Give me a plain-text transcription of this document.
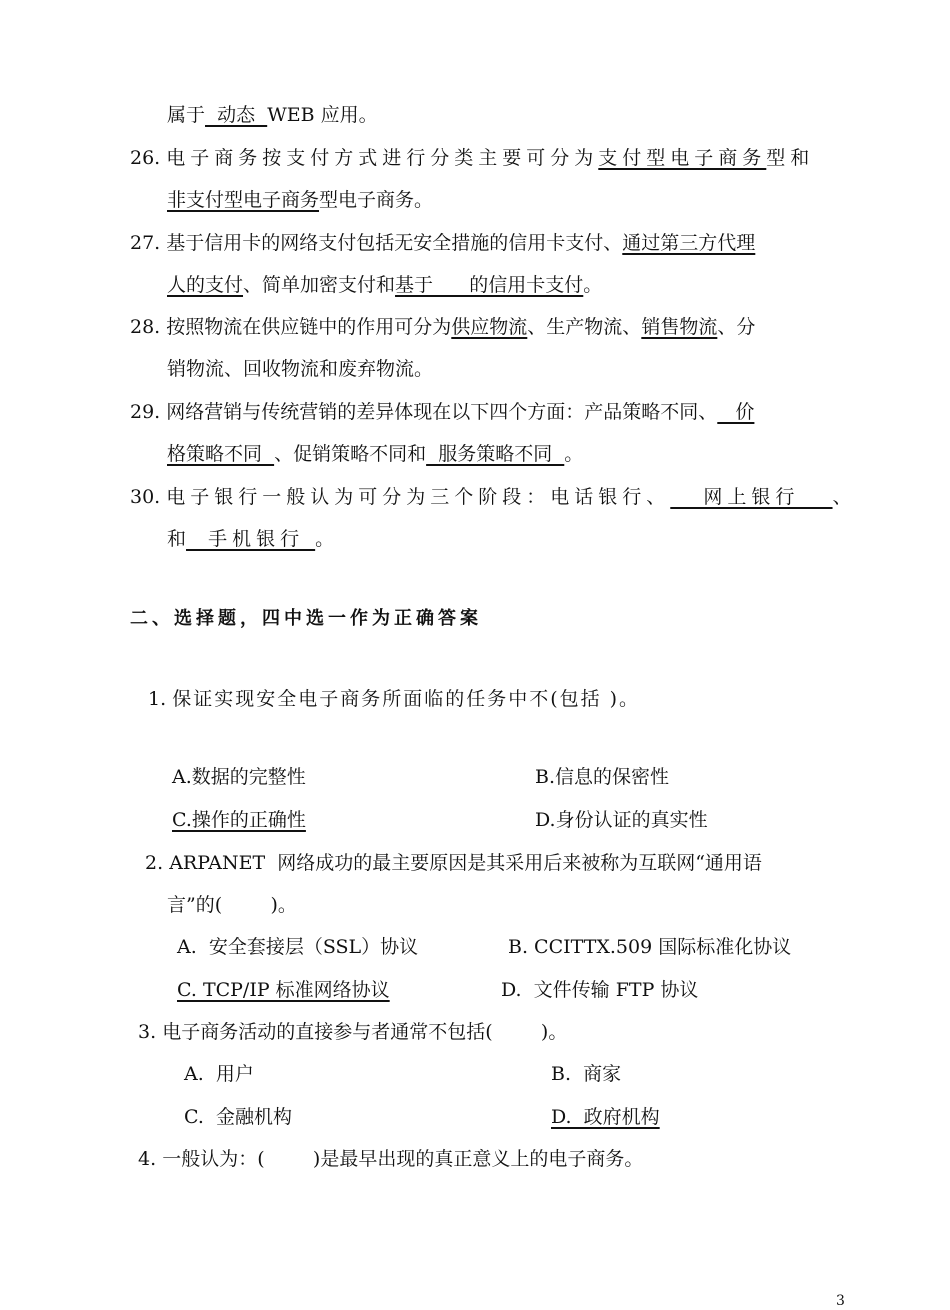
属于  动态  WEB 应用。
26. 电子商务按支付方式进行分类主要可分为支付型电子商务型和
非支付型电子商务型电子商务。
27. 基于信用卡的网络支付包括无安全措施的信用卡支付、通过第三方代理
人的支付、简单加密支付和基于      的信用卡支付。
28. 按照物流在供应链中的作用可分为供应物流、生产物流、销售物流、分
销物流、回收物流和废弃物流。
29. 网络营销与传统营销的差异体现在以下四个方面：产品策略不同、   价
格策略不同  、促销策略不同和  服务策略不同  。
30. 电子银行一般认为可分为三个阶段：电话银行、   网上银行   、
和  手机银行 。
二、选择题，四中选一作为正确答案
1. 保证实现安全电子商务所面临的任务中不(包括 )。
A.数据的完整性	B.信息的保密性
C.操作的正确性	D.身份认证的真实性
2. ARPANET  网络成功的最主要原因是其采用后来被称为互联网“通用语
言”的(        )。
A.  安全套接层（SSL）协议	B. CCITTX.509 国际标准化协议
C. TCP/IP 标准网络协议	D.  文件传输 FTP 协议
3. 电子商务活动的直接参与者通常不包括(        )。
A.  用户	B.  商家
C.  金融机构	D.  政府机构
4. 一般认为：(        )是最早出现的真正意义上的电子商务。
3
